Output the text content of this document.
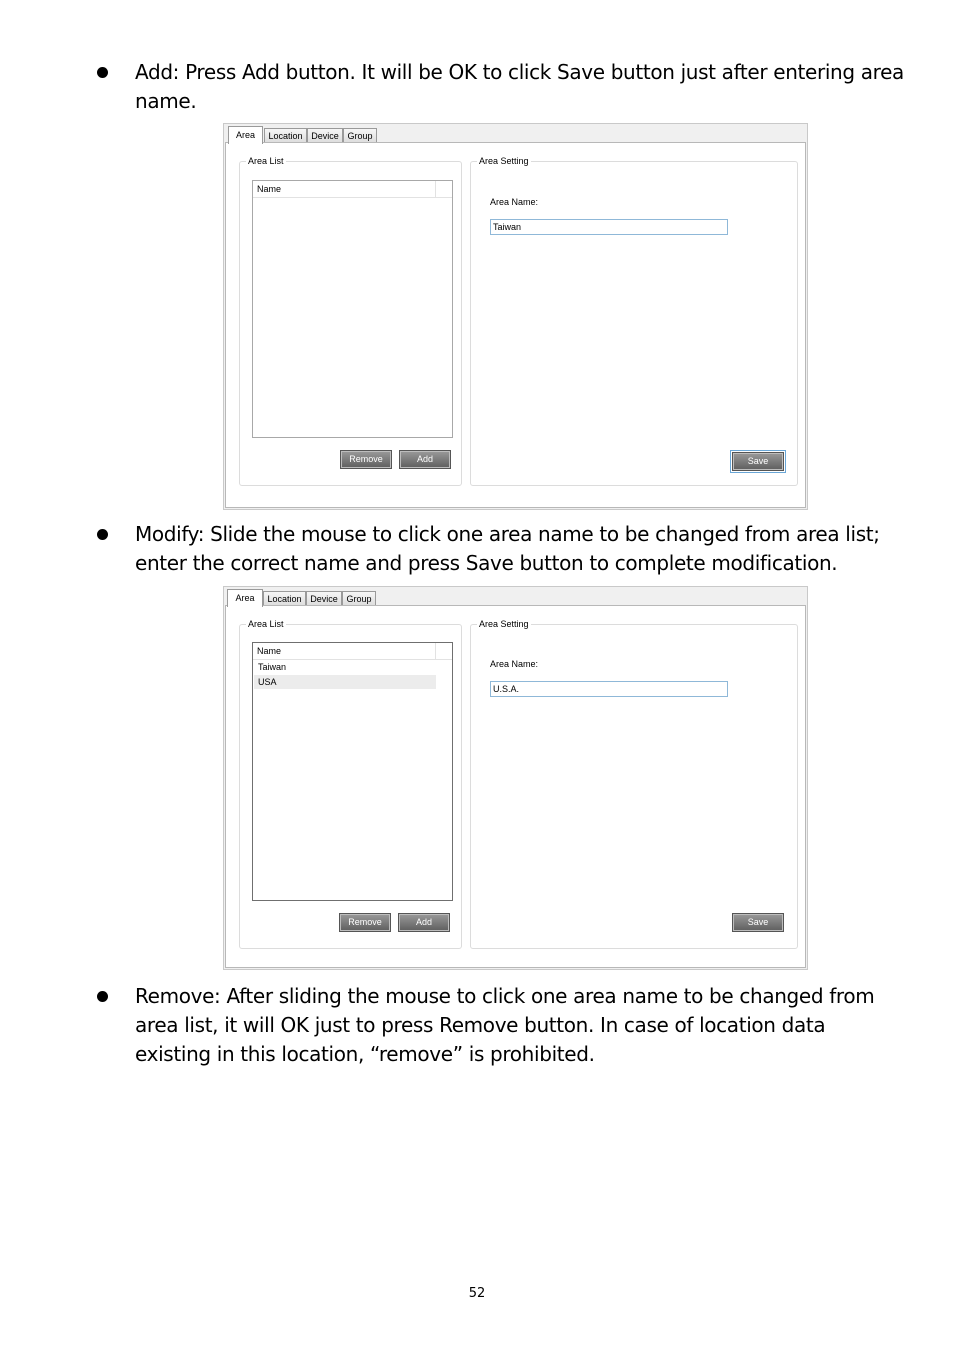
Add: Press Add button. It will be OK to click Save button just after entering area name.
Area	Location Device Group
Area List
Name
Remove	Add
Area Setting
Area Name:
Taiwan
Save
Modify: Slide the mouse to click one area name to be changed from area list; enter the correct name and press Save button to complete modification.
Area	Location Device Group
Area List
Name
Taiwan
USA
Remove	Add
Area Setting
Area Name:
U.S.A.
Save
Remove: After sliding the mouse to click one area name to be changed from area list, it will OK just to press Remove button. In case of location data existing in this location, “remove” is prohibited.
52
